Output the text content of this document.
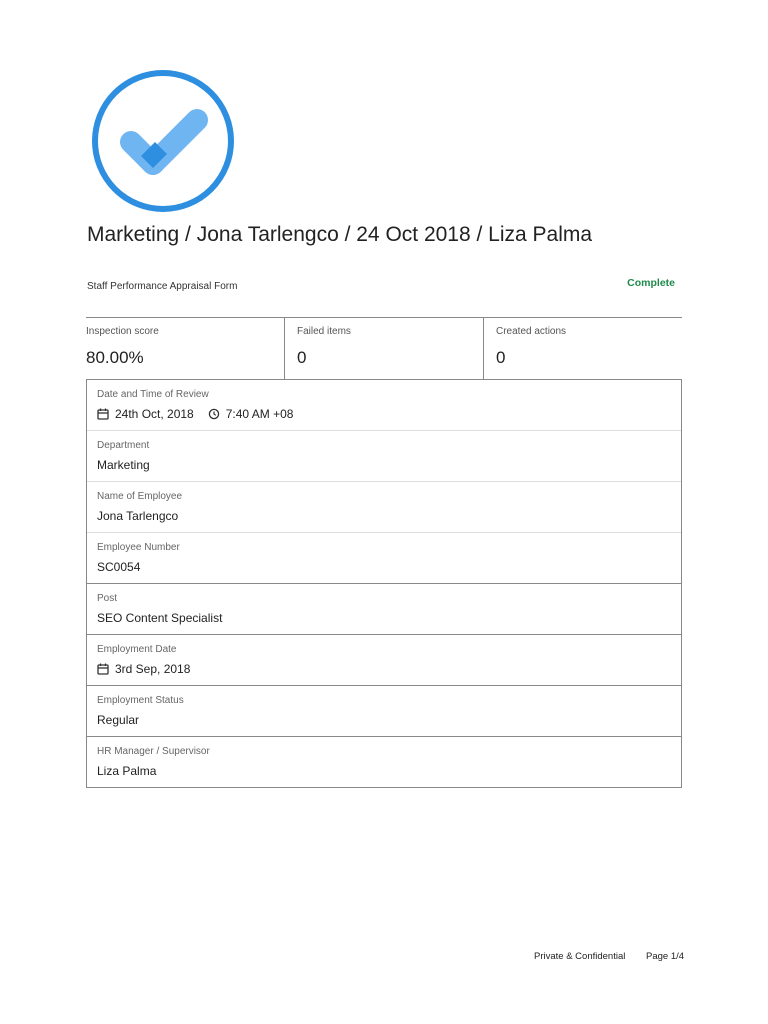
Marketing / Jona Tarlengco / 24 Oct 2018 / Liza Palma
Staff Performance Appraisal Form	Complete
Inspection score
80.00%
Failed items
0
Created actions
0
Date and Time of Review
24th Oct, 2018	7:40 AM +08
Department
Marketing
Name of Employee
Jona Tarlengco
Employee Number
SC0054
Post
SEO Content Specialist
Employment Date
3rd Sep, 2018
Employment Status
Regular
HR Manager / Supervisor
Liza Palma
Private & Confidential Page 1/4
